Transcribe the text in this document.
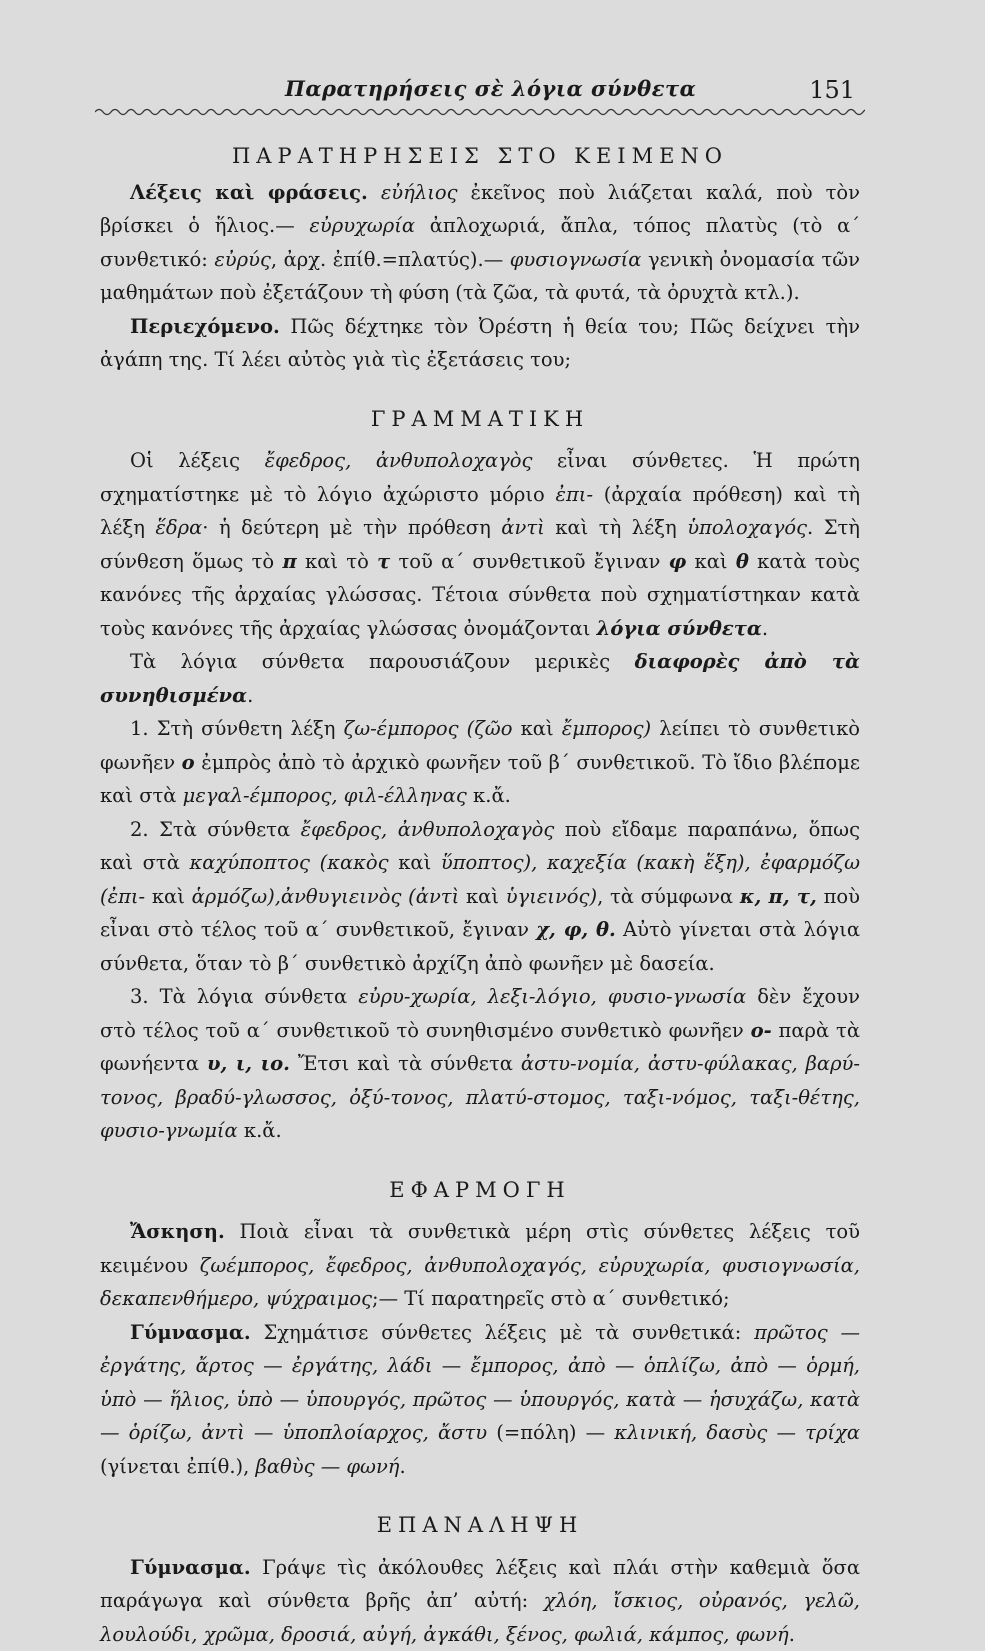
Παρατηρήσεις σὲ λόγια σύνθετα	151
ΠΑΡΑΤΗΡΗΣΕΙΣ ΣΤΟ ΚΕΙΜΕΝΟ

Λέξεις καὶ φράσεις. εὐήλιος ἐκεῖνος ποὺ λιάζεται καλά, ποὺ τὸν βρίσκει ὁ ἥλιος.— εὐρυχωρία ἀπλοχωριά, ἄπλα, τόπος πλατὺς (τὸ α΄ συνθετικό: εὐρύς, ἀρχ. ἐπίθ.=πλατύς).— φυσιογνωσία γενικὴ ὀνομασία τῶν μαθημάτων ποὺ ἐξετάζουν τὴ φύση (τὰ ζῶα, τὰ φυτά, τὰ ὀρυχτὰ κτλ.).

Περιεχόμενο. Πῶς δέχτηκε τὸν Ὀρέστη ἡ θεία του; Πῶς δείχνει τὴν ἀγάπη της. Τί λέει αὐτὸς γιὰ τὶς ἐξετάσεις του;

ΓΡΑΜΜΑΤΙΚΗ

Οἱ λέξεις ἔφεδρος, ἀνθυπολοχαγὸς εἶναι σύνθετες. Ἡ πρώτη σχηματίστηκε μὲ τὸ λόγιο ἀχώριστο μόριο ἐπι- (ἀρχαία πρόθεση) καὶ τὴ λέξη ἕδρα· ἡ δεύτερη μὲ τὴν πρόθεση ἀντὶ καὶ τὴ λέξη ὑπολοχαγός. Στὴ σύνθεση ὅμως τὸ π καὶ τὸ τ τοῦ α΄ συνθετικοῦ ἔγιναν φ καὶ θ κατὰ τοὺς κανόνες τῆς ἀρχαίας γλώσσας. Τέτοια σύνθετα ποὺ σχηματίστηκαν κατὰ τοὺς κανόνες τῆς ἀρχαίας γλώσσας ὀνομάζονται λόγια σύνθετα.

Τὰ λόγια σύνθετα παρουσιάζουν μερικὲς διαφορὲς ἀπὸ τὰ συνηθισμένα.

1. Στὴ σύνθετη λέξη ζω-έμπορος (ζῶο καὶ ἔμπορος) λείπει τὸ συνθετικὸ φωνῆεν ο ἐμπρὸς ἀπὸ τὸ ἀρχικὸ φωνῆεν τοῦ β΄ συνθετικοῦ. Τὸ ἴδιο βλέπομε καὶ στὰ μεγαλ-έμπορος, φιλ-έλληνας κ.ἄ.

2. Στὰ σύνθετα ἔφεδρος, ἀνθυπολοχαγὸς ποὺ εἴδαμε παραπάνω, ὅπως καὶ στὰ καχύποπτος (κακὸς καὶ ὕποπτος), καχεξία (κακὴ ἕξη), ἐφαρμόζω (ἐπι- καὶ ἁρμόζω),ἀνθυγιεινὸς (ἀντὶ καὶ ὑγιεινός), τὰ σύμφωνα κ, π, τ, ποὺ εἶναι στὸ τέλος τοῦ α΄ συνθετικοῦ, ἔγιναν χ, φ, θ. Αὐτὸ γίνεται στὰ λόγια σύνθετα, ὅταν τὸ β΄ συνθετικὸ ἀρχίζη ἀπὸ φωνῆεν μὲ δασεία.

3. Τὰ λόγια σύνθετα εὐρυ-χωρία, λεξι-λόγιο, φυσιο-γνωσία δὲν ἔχουν στὸ τέλος τοῦ α΄ συνθετικοῦ τὸ συνηθισμένο συνθετικὸ φωνῆεν ο- παρὰ τὰ φωνήεντα υ, ι, ιο. Ἔτσι καὶ τὰ σύνθετα ἀστυ-νομία, ἀστυ-φύλακας, βαρύ-τονος, βραδύ-γλωσσος, ὀξύ-τονος, πλατύ-στομος, ταξι-νόμος, ταξι-θέτης, φυσιο-γνωμία κ.ἄ.

ΕΦΑΡΜΟΓΗ

Ἄσκηση. Ποιὰ εἶναι τὰ συνθετικὰ μέρη στὶς σύνθετες λέξεις τοῦ κειμένου ζωέμπορος, ἔφεδρος, ἀνθυπολοχαγός, εὐρυχωρία, φυσιογνωσία, δεκαπενθήμερο, ψύχραιμος;— Τί παρατηρεῖς στὸ α΄ συνθετικό;

Γύμνασμα. Σχημάτισε σύνθετες λέξεις μὲ τὰ συνθετικά: πρῶτος — ἐργάτης, ἄρτος — ἐργάτης, λάδι — ἔμπορος, ἀπὸ — ὁπλίζω, ἀπὸ — ὁρμή, ὑπὸ — ἥλιος, ὑπὸ — ὑπουργός, πρῶτος — ὑπουργός, κατὰ — ἡσυχάζω, κατὰ — ὁρίζω, ἀντὶ — ὑποπλοίαρχος, ἄστυ (=πόλη) — κλινική, δασὺς — τρίχα (γίνεται ἐπίθ.), βαθὺς — φωνή.

ΕΠΑΝΑΛΗΨΗ

Γύμνασμα. Γράψε τὶς ἀκόλουθες λέξεις καὶ πλάι στὴν καθεμιὰ ὅσα παράγωγα καὶ σύνθετα βρῆς ἀπ’ αὐτή: χλόη, ἴσκιος, οὐρανός, γελῶ, λουλούδι, χρῶμα, δροσιά, αὐγή, ἀγκάθι, ξένος, φωλιά, κάμπος, φωνή.
